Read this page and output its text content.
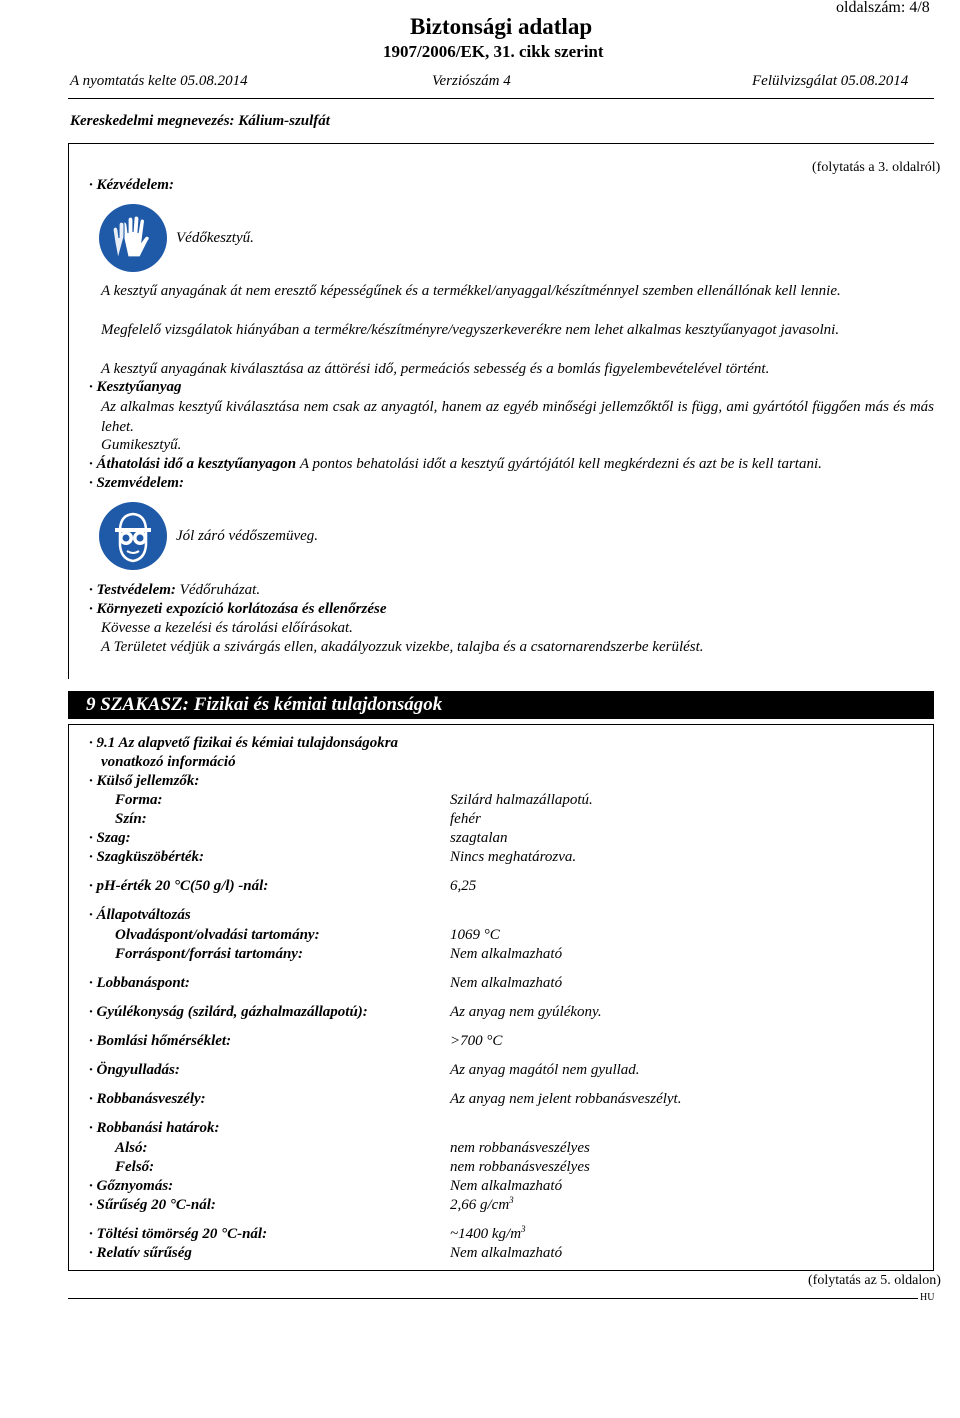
oldalszám: 4/8
Biztonsági adatlap
1907/2006/EK, 31. cikk szerint
A nyomtatás kelte 05.08.2014	Verziószám 4	Felülvizsgálat 05.08.2014
Kereskedelmi megnevezés: Kálium-szulfát
(folytatás a 3. oldalról)
· Kézvédelem:
Védőkesztyű.
A kesztyű anyagának át nem eresztő képességűnek és a termékkel/anyaggal/készítménnyel szemben ellenállónak kell lennie.
Megfelelő vizsgálatok hiányában a termékre/készítményre/vegyszerkeverékre nem lehet alkalmas kesztyűanyagot javasolni.
A kesztyű anyagának kiválasztása az áttörési idő, permeációs sebesség és a bomlás figyelembevételével történt.
· Kesztyűanyag
Az alkalmas kesztyű kiválasztása nem csak az anyagtól, hanem az egyéb minőségi jellemzőktől is függ, ami gyártótól függően más és más lehet.
Gumikesztyű.
· Áthatolási idő a kesztyűanyagon A pontos behatolási időt a kesztyű gyártójától kell megkérdezni és azt be is kell tartani.
· Szemvédelem:
Jól záró védőszemüveg.
· Testvédelem: Védőruházat.
· Környezeti expozíció korlátozása és ellenőrzése
Kövesse a kezelési és tárolási előírásokat.
A Területet védjük a szivárgás ellen, akadályozzuk vizekbe, talajba és a csatornarendszerbe kerülést.
9 SZAKASZ: Fizikai és kémiai tulajdonságok
· 9.1 Az alapvető fizikai és kémiai tulajdonságokra
vonatkozó információ
· Külső jellemzők:
Forma:	Szilárd halmazállapotú.
Szín:	fehér
· Szag:	szagtalan
· Szagküszöbérték:	Nincs meghatározva.
· pH-érték 20 °C(50 g/l) -nál:	6,25
· Állapotváltozás
Olvadáspont/olvadási tartomány:	1069 °C
Forráspont/forrási tartomány:	Nem alkalmazható
· Lobbanáspont:	Nem alkalmazható
· Gyúlékonyság (szilárd, gázhalmazállapotú):	Az anyag nem gyúlékony.
· Bomlási hőmérséklet:	>700 °C
· Öngyulladás:	Az anyag magától nem gyullad.
· Robbanásveszély:	Az anyag nem jelent robbanásveszélyt.
· Robbanási határok:
Alsó:	nem robbanásveszélyes
Felső:	nem robbanásveszélyes
· Gőznyomás:	Nem alkalmazható
· Sűrűség 20 °C-nál:	2,66 $g/cm^3$
· Töltési tömörség 20 °C-nál:	~1400 $kg/m^3$
· Relatív sűrűség	Nem alkalmazható
(folytatás az 5. oldalon)
HU
